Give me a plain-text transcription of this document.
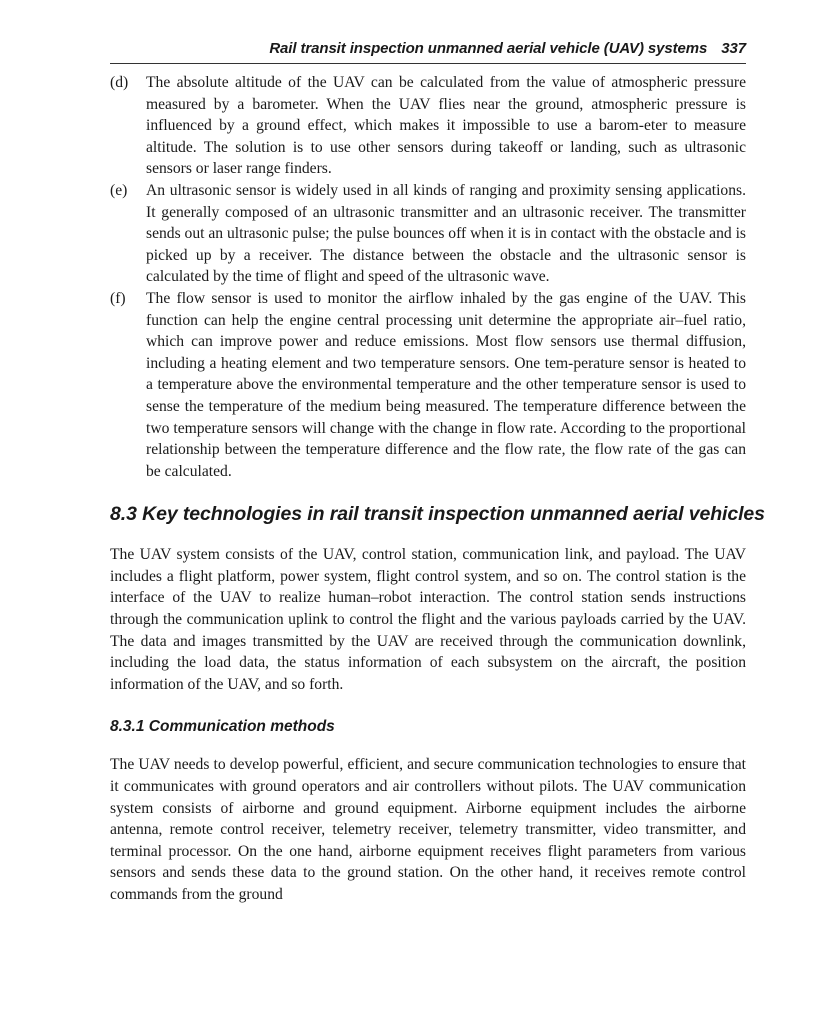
Rail transit inspection unmanned aerial vehicle (UAV) systems 337
(d) The absolute altitude of the UAV can be calculated from the value of atmospheric pressure measured by a barometer. When the UAV flies near the ground, atmospheric pressure is influenced by a ground effect, which makes it impossible to use a barom-eter to measure altitude. The solution is to use other sensors during takeoff or landing, such as ultrasonic sensors or laser range finders.
(e) An ultrasonic sensor is widely used in all kinds of ranging and proximity sensing applications. It generally composed of an ultrasonic transmitter and an ultrasonic receiver. The transmitter sends out an ultrasonic pulse; the pulse bounces off when it is in contact with the obstacle and is picked up by a receiver. The distance between the obstacle and the ultrasonic sensor is calculated by the time of flight and speed of the ultrasonic wave.
(f) The flow sensor is used to monitor the airflow inhaled by the gas engine of the UAV. This function can help the engine central processing unit determine the appropriate air–fuel ratio, which can improve power and reduce emissions. Most flow sensors use thermal diffusion, including a heating element and two temperature sensors. One tem-perature sensor is heated to a temperature above the environmental temperature and the other temperature sensor is used to sense the temperature of the medium being measured. The temperature difference between the two temperature sensors will change with the change in flow rate. According to the proportional relationship between the temperature difference and the flow rate, the flow rate of the gas can be calculated.
8.3 Key technologies in rail transit inspection unmanned aerial vehicles

The UAV system consists of the UAV, control station, communication link, and payload. The UAV includes a flight platform, power system, flight control system, and so on. The control station is the interface of the UAV to realize human–robot interaction. The control station sends instructions through the communication uplink to control the flight and the various payloads carried by the UAV. The data and images transmitted by the UAV are received through the communication downlink, including the load data, the status information of each subsystem on the aircraft, the position information of the UAV, and so forth.

8.3.1 Communication methods

The UAV needs to develop powerful, efficient, and secure communication technologies to ensure that it communicates with ground operators and air controllers without pilots. The UAV communication system consists of airborne and ground equipment. Airborne equipment includes the airborne antenna, remote control receiver, telemetry receiver, telemetry transmitter, video transmitter, and terminal processor. On the one hand, airborne equipment receives flight parameters from various sensors and sends these data to the ground station. On the other hand, it receives remote control commands from the ground
